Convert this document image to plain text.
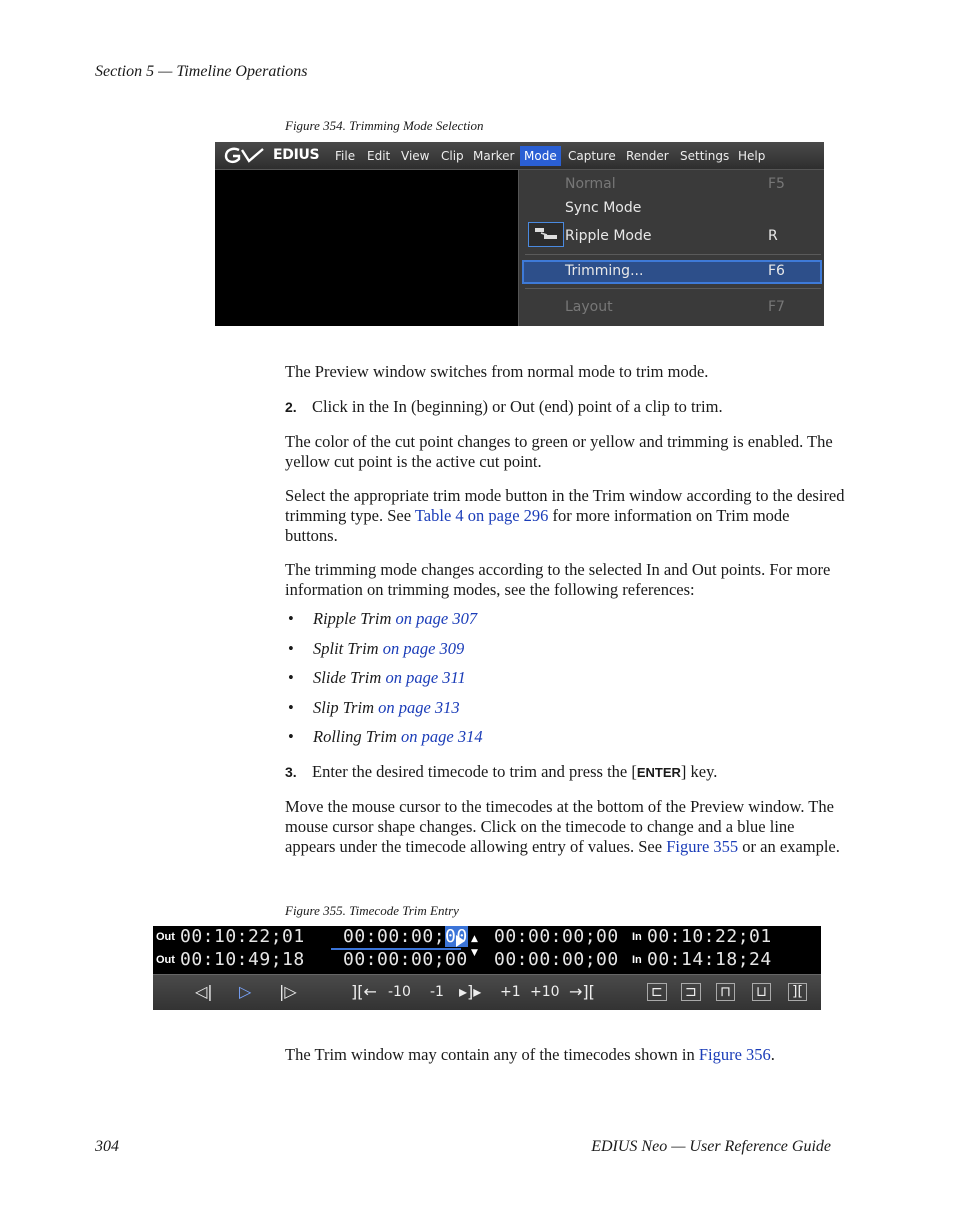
Section 5 — Timeline Operations
Figure 354. Trimming Mode Selection
EDIUS	File Edit View Clip Marker Mode Capture Render Settings Help
Normal	F5
Sync Mode
Ripple Mode	R
Trimming...	F6
Layout	F7
The Preview window switches from normal mode to trim mode.
2. Click in the In (beginning) or Out (end) point of a clip to trim.
The color of the cut point changes to green or yellow and trimming is enabled. The yellow cut point is the active cut point.
Select the appropriate trim mode button in the Trim window according to the desired trimming type. See Table 4 on page 296 for more information on Trim mode buttons.
The trimming mode changes according to the selected In and Out points. For more information on trimming modes, see the following references:
• Ripple Trim on page 307
• Split Trim on page 309
• Slide Trim on page 311
• Slip Trim on page 313
• Rolling Trim on page 314
3. Enter the desired timecode to trim and press the [ENTER] key.
Move the mouse cursor to the timecodes at the bottom of the Preview window. The mouse cursor shape changes. Click on the timecode to change and a blue line appears under the timecode allowing entry of values. See Figure 355 or an example.
Figure 355. Timecode Trim Entry
Out 00:10:22;01 00:00:00;00 ▲ 00:00:00;00 In 00:10:22;01
Out 00:10:49;18 00:00:00;00 ▼ 00:00:00;00 In 00:14:18;24
◁| ▷ |▷	][← -10 -1 ▸]▸ +1 +10 →][	⊏ ⊐ ⊓ ⊔ ][
The Trim window may contain any of the timecodes shown in Figure 356.
304	EDIUS Neo — User Reference Guide
